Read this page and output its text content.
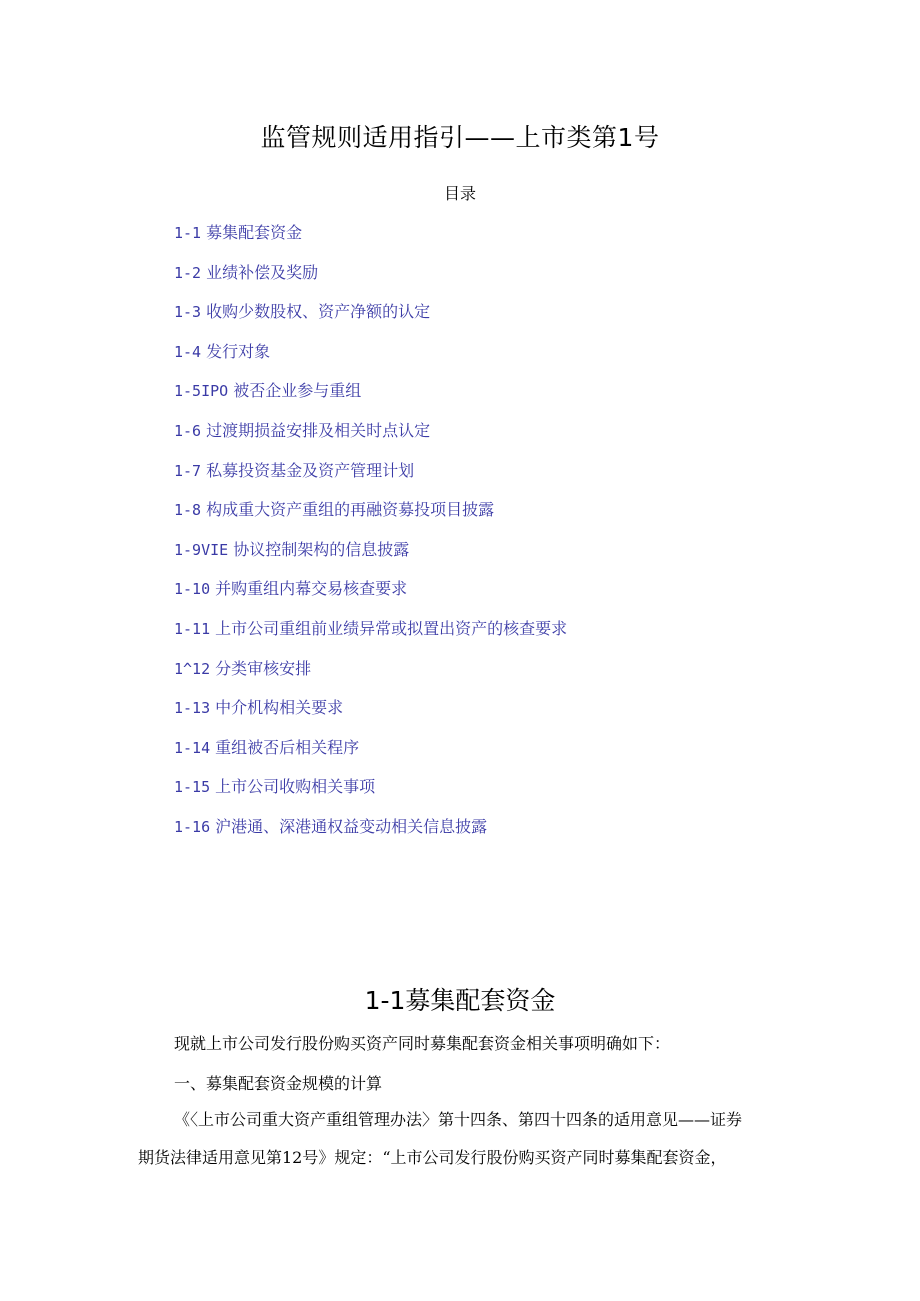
监管规则适用指引——上市类第1号
目录
1-1 募集配套资金
1-2 业绩补偿及奖励
1-3 收购少数股权、资产净额的认定
1-4 发行对象
1-5IPO 被否企业参与重组
1-6 过渡期损益安排及相关时点认定
1-7 私募投资基金及资产管理计划
1-8 构成重大资产重组的再融资募投项目披露
1-9VIE 协议控制架构的信息披露
1-10 并购重组内幕交易核查要求
1-11 上市公司重组前业绩异常或拟置出资产的核查要求
1^12 分类审核安排
1-13 中介机构相关要求
1-14 重组被否后相关程序
1-15 上市公司收购相关事项
1-16 沪港通、深港通权益变动相关信息披露
1-1募集配套资金
现就上市公司发行股份购买资产同时募集配套资金相关事项明确如下：
一、募集配套资金规模的计算
《〈上市公司重大资产重组管理办法〉第十四条、第四十四条的适用意见——证券
期货法律适用意见第12号》规定：“上市公司发行股份购买资产同时募集配套资金，
